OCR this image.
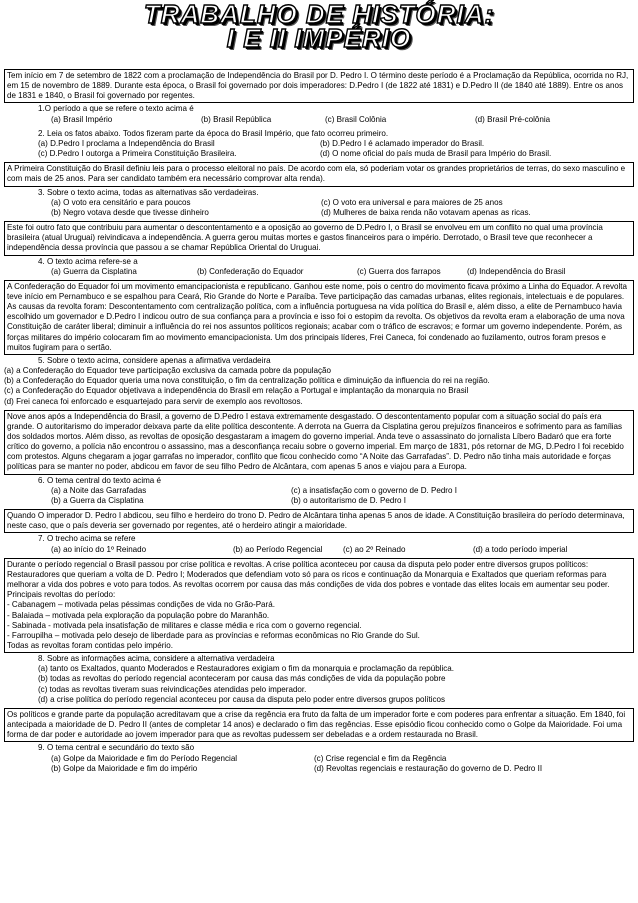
TRABALHO DE HISTÓRIA:
I E II IMPÉRIO
Tem início em 7 de setembro de 1822 com a proclamação de Independência do Brasil por D. Pedro I. O término deste período é a Proclamação da República, ocorrida no RJ, em 15 de novembro de 1889. Durante esta época, o Brasil foi governado por dois imperadores: D.Pedro I (de 1822 até 1831) e D.Pedro II (de 1840 até 1889). Entre os anos de 1831 e 1840, o Brasil foi governado por regentes.
1.O período a que se refere o texto acima é
(a) Brasil Império	(b) Brasil República	(c) Brasil Colônia	(d) Brasil Pré-colônia
2. Leia os fatos abaixo. Todos fizeram parte da época do Brasil Império, que fato ocorreu primeiro.
(a) D.Pedro I proclama a Independência do Brasil	(b) D.Pedro I é aclamado imperador do Brasil.
(c) D.Pedro I outorga a Primeira Constituição Brasileira.	(d) O nome oficial do país muda de Brasil para Império do Brasil.
A Primeira Constituição do Brasil definiu leis para o processo eleitoral no país. De acordo com ela, só poderiam votar os grandes proprietários de terras, do sexo masculino e com mais de 25 anos. Para ser candidato também era necessário comprovar alta renda).
3. Sobre o texto acima, todas as alternativas são verdadeiras.
(a) O voto era censitário e para poucos	(c) O voto era universal e para maiores de 25 anos
(b) Negro votava desde que tivesse dinheiro	(d) Mulheres de baixa renda não votavam apenas as ricas.
Este foi outro fato que contribuiu para aumentar o descontentamento e a oposição ao governo de D.Pedro I, o Brasil se envolveu em um conflito no qual uma província brasileira (atual Uruguai) reivindicava a independência. A guerra gerou muitas mortes e gastos financeiros para o império. Derrotado, o Brasil teve que reconhecer a independência dessa província que passou a se chamar República Oriental do Uruguai.
4. O texto acima refere-se a
(a) Guerra da Cisplatina	(b) Confederação do Equador	(c) Guerra dos farrapos	(d) Independência do Brasil
A Confederação do Equador foi um movimento emancipacionista e republicano. Ganhou este nome, pois o centro do movimento ficava próximo a Linha do Equador. A revolta teve início em Pernambuco e se espalhou para Ceará, Rio Grande do Norte e Paraíba. Teve participação das camadas urbanas, elites regionais, intelectuais e de populares. As causas da revolta foram: Descontentamento com centralização política, com a influência portuguesa na vida política do Brasil e, além disso, a elite de Pernambuco havia escolhido um governador e D.Pedro I indicou outro de sua confiança para a província e isso foi o estopim da revolta. Os objetivos da revolta eram a elaboração de uma nova Constituição de caráter liberal; diminuir a influência do rei nos assuntos políticos regionais; acabar com o tráfico de escravos; e formar um governo independente. Porém, as forças militares do império colocaram fim ao movimento emancipacionista. Um dos principais líderes, Frei Caneca, foi condenado ao fuzilamento, outros foram presos e muitos fugiram para o sertão.
5. Sobre o texto acima, considere apenas a afirmativa verdadeira
(a) a Confederação do Equador teve participação exclusiva da camada pobre da população
(b) a Confederação do Equador queria uma nova constituição, o fim da centralização política e diminuição da influencia do rei na região.
(c) a Confederação do Equador objetivava a independência do Brasil em relação a Portugal e implantação da monarquia no Brasil
(d) Frei caneca foi enforcado e esquartejado para servir de exemplo aos revoltosos.
Nove anos após a Independência do Brasil, a governo de D.Pedro I estava extremamente desgastado. O descontentamento popular com a situação social do país era grande. O autoritarismo do imperador deixava parte da elite política descontente. A derrota na Guerra da Cisplatina gerou prejuízos financeiros e sofrimento para as famílias dos soldados mortos. Além disso, as revoltas de oposição desgastaram a imagem do governo imperial. Anda teve o assassinato do jornalista Líbero Badaró que era forte crítico do governo, a polícia não encontrou o assassino, mas a desconfiança recaiu sobre o governo imperial. Em março de 1831, pós retornar de MG, D.Pedro I foi recebido com protestos. Alguns chegaram a jogar garrafas no imperador, conflito que ficou conhecido como “A Noite das Garrafadas”. D. Pedro não tinha mais autoridade e forças políticas para se manter no poder, abdicou em favor de seu filho Pedro de Alcântara, com apenas 5 anos e viajou para a Europa.
6. O tema central do texto acima é
(a) a Noite das Garrafadas	(c) a insatisfação com o governo de D. Pedro I
(b) a Guerra da Cisplatina	(b) o autoritarismo de D. Pedro I
Quando O imperador D. Pedro I abdicou, seu filho e herdeiro do trono D. Pedro de Alcântara tinha apenas 5 anos de idade. A Constituição brasileira do período determinava, neste caso, que o país deveria ser governado por regentes, até o herdeiro atingir a maioridade.
7. O trecho acima se refere
(a) ao início do 1º Reinado	(b) ao Período Regencial	(c) ao 2º Reinado	(d) a todo período imperial
Durante o período regencial o Brasil passou por crise política e revoltas. A crise política aconteceu por causa da disputa pelo poder entre diversos grupos políticos: Restauradores que queriam a volta de D. Pedro I; Moderados que defendiam voto só para os ricos e continuação da Monarquia e Exaltados que queriam reformas para melhorar a vida dos pobres e voto para todos. As revoltas ocorrem por causa das más condições de vida dos pobres e vontade das elites locais em aumentar seu poder. Principais revoltas do período:
- Cabanagem – motivada pelas péssimas condições de vida no Grão-Pará.
- Balaiada – motivada pela exploração da população pobre do Maranhão.
- Sabinada - motivada pela insatisfação de militares e classe média e rica com o governo regencial.
- Farroupilha – motivada pelo desejo de liberdade para as províncias e reformas econômicas no Rio Grande do Sul.
Todas as revoltas foram contidas pelo império.
8. Sobre as informações acima, considere a alternativa verdadeira
(a) tanto os Exaltados, quanto Moderados e Restauradores exigiam o fim da monarquia e proclamação da república.
(b) todas as revoltas do período regencial aconteceram por causa das más condições de vida da população pobre
(c) todas as revoltas tiveram suas reivindicações atendidas pelo imperador.
(d) a crise política do período regencial aconteceu por causa da disputa pelo poder entre diversos grupos políticos
Os políticos e grande parte da população acreditavam que a crise da regência era fruto da falta de um imperador forte e com poderes para enfrentar a situação. Em 1840, foi antecipada a maioridade de D. Pedro II (antes de completar 14 anos) e declarado o fim das regências. Esse episódio ficou conhecido como o Golpe da Maioridade. Foi uma forma de dar poder e autoridade ao jovem imperador para que as revoltas pudessem ser debeladas e a ordem restaurada no Brasil.
9. O tema central e secundário do texto são
(a) Golpe da Maioridade e fim do Período Regencial	(c) Crise regencial e fim da Regência
(b) Golpe da Maioridade e fim do império	(d) Revoltas regenciais e restauração do governo de D. Pedro II
